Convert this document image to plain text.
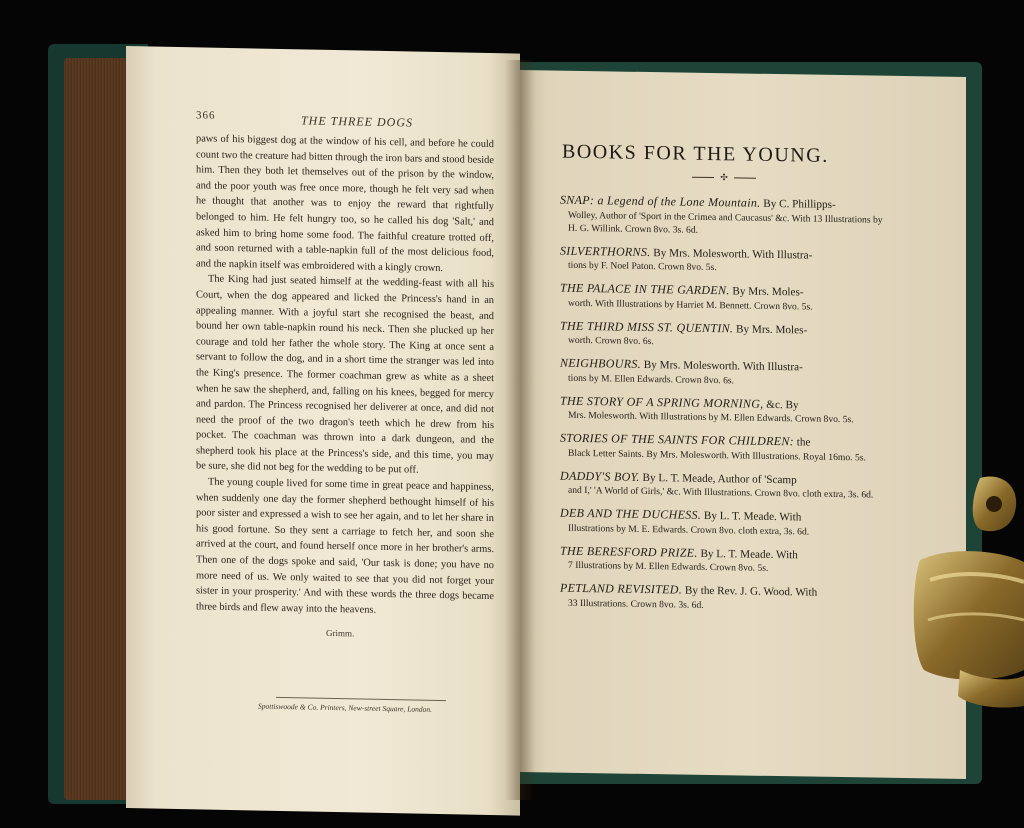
366	THE THREE DOGS

paws of his biggest dog at the window of his cell, and before he could count two the creature had bitten through the iron bars and stood beside him. Then they both let themselves out of the prison by the window, and the poor youth was free once more, though he felt very sad when he thought that another was to enjoy the reward that rightfully belonged to him. He felt hungry too, so he called his dog 'Salt,' and asked him to bring home some food. The faithful creature trotted off, and soon returned with a table-napkin full of the most delicious food, and the napkin itself was embroidered with a kingly crown.

The King had just seated himself at the wedding-feast with all his Court, when the dog appeared and licked the Princess's hand in an appealing manner. With a joyful start she recognised the beast, and bound her own table-napkin round his neck. Then she plucked up her courage and told her father the whole story. The King at once sent a servant to follow the dog, and in a short time the stranger was led into the King's presence. The former coachman grew as white as a sheet when he saw the shepherd, and, falling on his knees, begged for mercy and pardon. The Princess recognised her deliverer at once, and did not need the proof of the two dragon's teeth which he drew from his pocket. The coachman was thrown into a dark dungeon, and the shepherd took his place at the Princess's side, and this time, you may be sure, she did not beg for the wedding to be put off.

The young couple lived for some time in great peace and happiness, when suddenly one day the former shepherd bethought himself of his poor sister and expressed a wish to see her again, and to let her share in his good fortune. So they sent a carriage to fetch her, and soon she arrived at the court, and found herself once more in her brother's arms. Then one of the dogs spoke and said, 'Our task is done; you have no more need of us. We only waited to see that you did not forget your sister in your prosperity.' And with these words the three dogs became three birds and flew away into the heavens.

Grimm.
Spottiswoode & Co. Printers, New-street Square, London.
BOOKS FOR THE YOUNG.
✣
SNAP: a Legend of the Lone Mountain. By C. Phillipps-
Wolley, Author of 'Sport in the Crimea and Caucasus' &c. With 13 Illustrations by H. G. Willink. Crown 8vo. 3s. 6d.
SILVERTHORNS. By Mrs. Molesworth. With Illustra-
tions by F. Noel Paton. Crown 8vo. 5s.
THE PALACE IN THE GARDEN. By Mrs. Moles-
worth. With Illustrations by Harriet M. Bennett. Crown 8vo. 5s.
THE THIRD MISS ST. QUENTIN. By Mrs. Moles-
worth. Crown 8vo. 6s.
NEIGHBOURS. By Mrs. Molesworth. With Illustra-
tions by M. Ellen Edwards. Crown 8vo. 6s.
THE STORY OF A SPRING MORNING, &c. By
Mrs. Molesworth. With Illustrations by M. Ellen Edwards. Crown 8vo. 5s.
STORIES OF THE SAINTS FOR CHILDREN: the
Black Letter Saints. By Mrs. Molesworth. With Illustrations. Royal 16mo. 5s.
DADDY'S BOY. By L. T. Meade, Author of 'Scamp
and I,' 'A World of Girls,' &c. With Illustrations. Crown 8vo. cloth extra, 3s. 6d.
DEB AND THE DUCHESS. By L. T. Meade. With
Illustrations by M. E. Edwards. Crown 8vo. cloth extra, 3s. 6d.
THE BERESFORD PRIZE. By L. T. Meade. With
7 Illustrations by M. Ellen Edwards. Crown 8vo. 5s.
PETLAND REVISITED. By the Rev. J. G. Wood. With
33 Illustrations. Crown 8vo. 3s. 6d.
